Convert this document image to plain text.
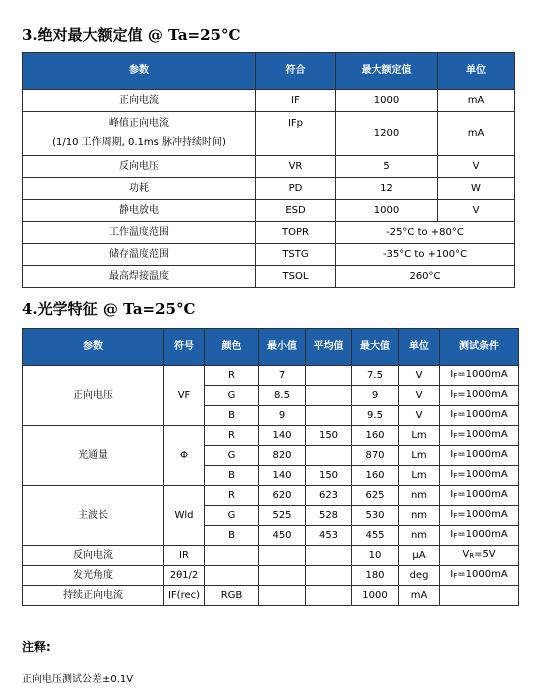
3.绝对最大额定值 @ Ta=25°C
参数	符合	最大额定值	单位
正向电流	IF	1000	mA

峰值正向电流
(1/10 工作周期, 0.1ms 脉冲持续时间)	IFp	1200	mA
反向电压	VR	5	V
功耗	PD	12	W
静电放电	ESD	1000	V
工作温度范围	TOPR	-25°C to +80°C	
储存温度范围	TSTG	-35°C to +100°C	
最高焊接温度	TSOL	260°C	
4.光学特征 @ Ta=25°C
参数	符号	颜色	最小值	平均值	最大值	单位	测试条件
正向电压	VF	R	7		7.5	V	IF=1000mA
		G	8.5		9	V	IF=1000mA
		B	9		9.5	V	IF=1000mA
光通量	Φ	R	140	150	160	Lm	IF=1000mA
		G	820		870	Lm	IF=1000mA
		B	140	150	160	Lm	IF=1000mA
主波长	Wld	R	620	623	625	nm	IF=1000mA
		G	525	528	530	nm	IF=1000mA
		B	450	453	455	nm	IF=1000mA
反向电流	IR				10	μA	VR=5V
发光角度	2θ1/2				180	deg	IF=1000mA
持续正向电流	IF(rec)	RGB			1000	mA	
注释:
正向电压测试公差±0.1V
